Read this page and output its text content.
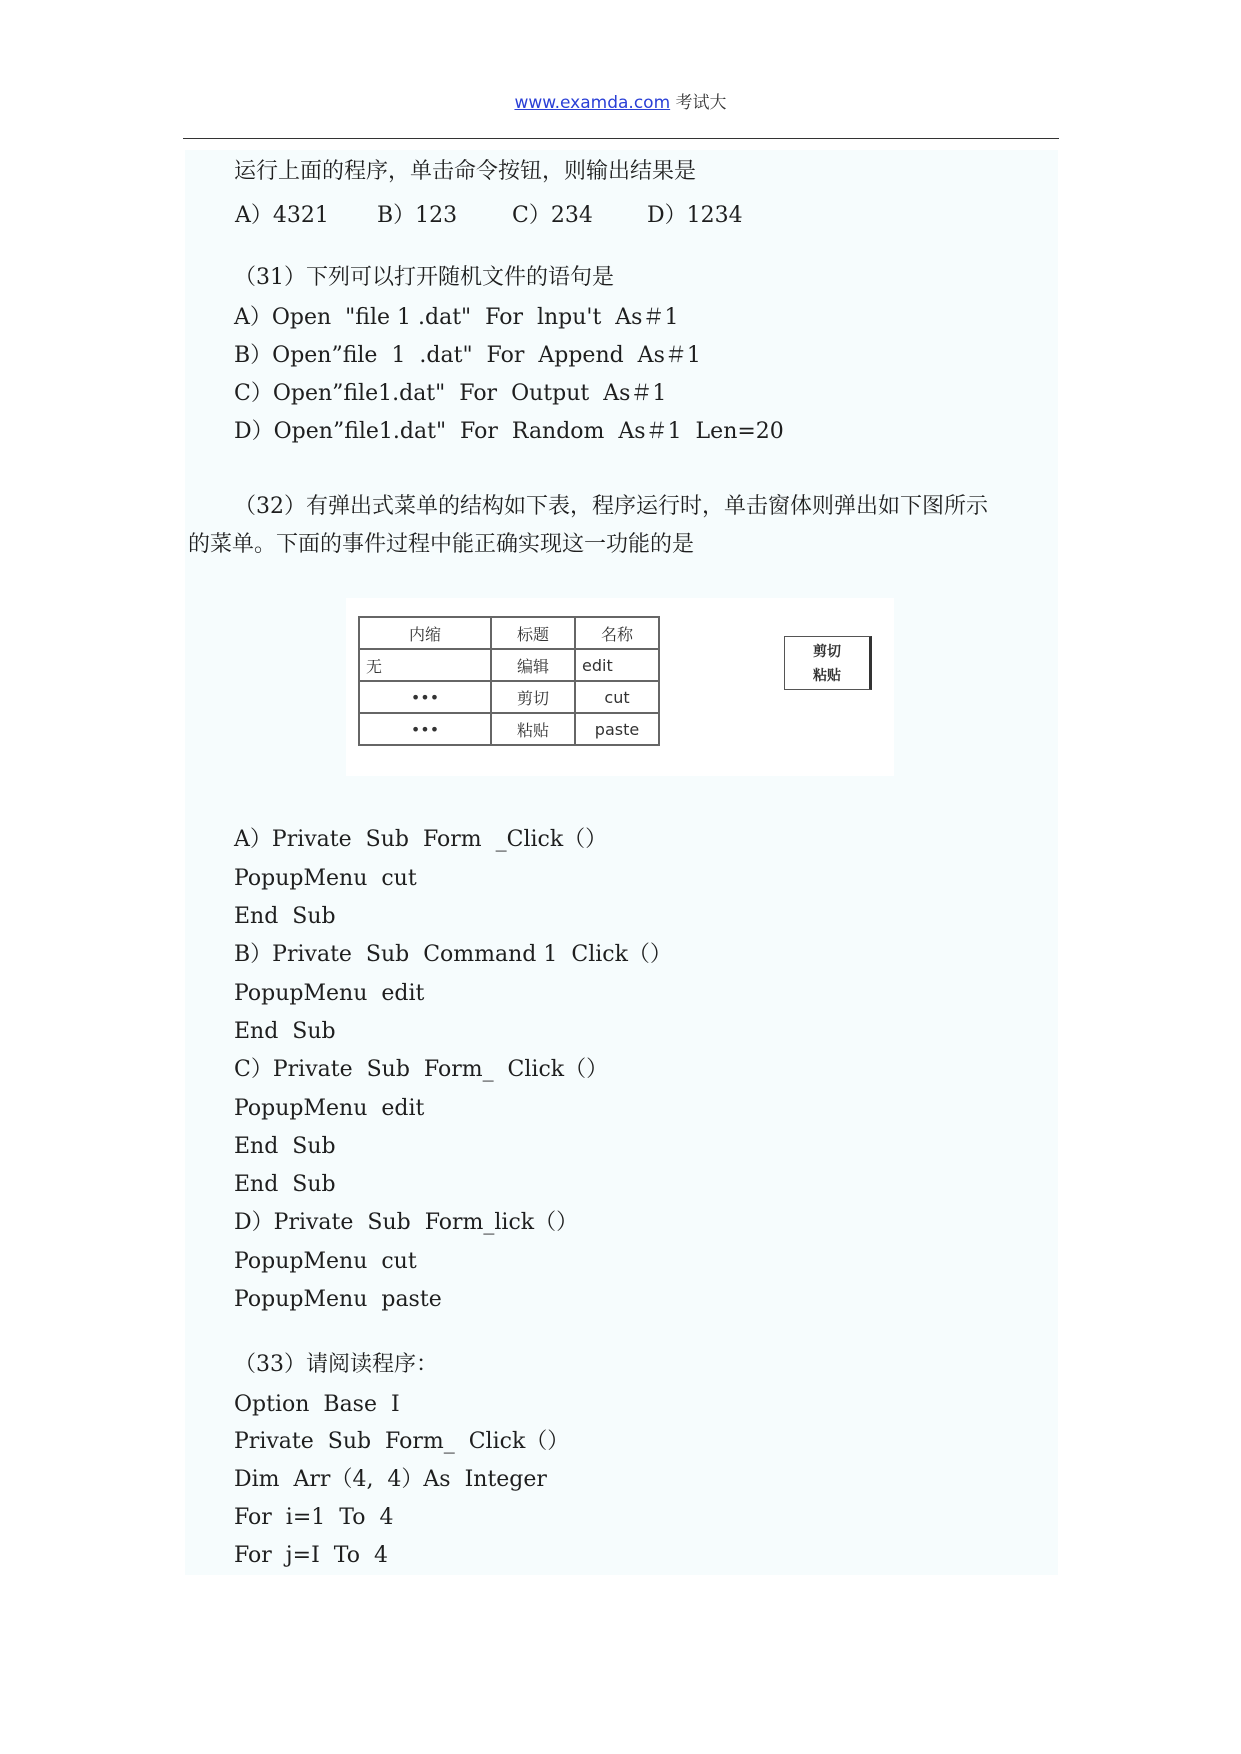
www.examda.com 考试大
运行上面的程序，单击命令按钮，则输出结果是
A）4321 B）123 C）234 D）1234
（31）下列可以打开随机文件的语句是
A）Open  "file 1 .dat"  For  lnpu't  As＃1
B）Open”file  1  .dat"  For  Append  As＃1
C）Open”file1.dat"  For  Output  As＃1
D）Open”file1.dat"  For  Random  As＃1  Len=20
（32）有弹出式菜单的结构如下表，程序运行时，单击窗体则弹出如下图所示
的菜单。下面的事件过程中能正确实现这一功能的是
内缩	标题	名称
无	编辑	edit
•••	剪切	cut
•••	粘贴	paste
剪切
粘贴
A）Private  Sub  Form  _Click（）
PopupMenu  cut
End  Sub
B）Private  Sub  Command 1  Click（）
PopupMenu  edit
End  Sub
C）Private  Sub  Form_  Click（）
PopupMenu  edit
End  Sub
End  Sub
D）Private  Sub  Form_lick（）
PopupMenu  cut
PopupMenu  paste
（33）请阅读程序：
Option  Base  I
Private  Sub  Form_  Click（）
Dim  Arr（4,  4）As  Integer
For  i=1  To  4
For  j=I  To  4
